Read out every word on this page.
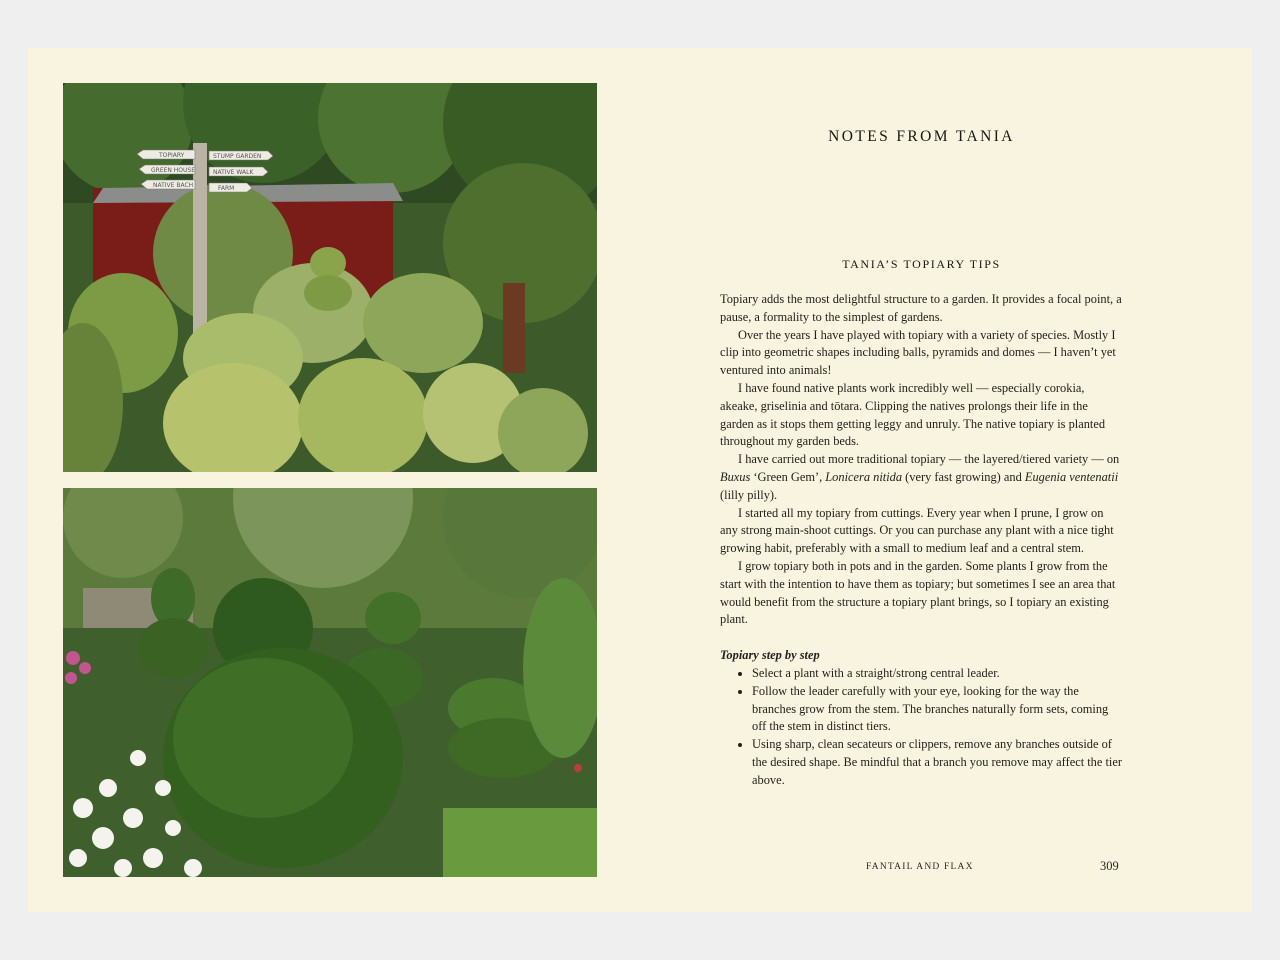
TOPIARY	STUMP GARDEN
GREEN HOUSE	NATIVE WALK
NATIVE BACH	FARM
NOTES FROM TANIA
TANIA’S TOPIARY TIPS

Topiary adds the most delightful structure to a garden. It provides a focal point, a pause, a formality to the simplest of gardens.

Over the years I have played with topiary with a variety of species. Mostly I clip into geometric shapes including balls, pyramids and domes — I haven’t yet ventured into animals!

I have found native plants work incredibly well — especially corokia, akeake, griselinia and tōtara. Clipping the natives prolongs their life in the garden as it stops them getting leggy and unruly. The native topiary is planted throughout my garden beds.

I have carried out more traditional topiary — the layered/tiered variety — on Buxus ‘Green Gem’, Lonicera nitida (very fast growing) and Eugenia ventenatii (lilly pilly).

I started all my topiary from cuttings. Every year when I prune, I grow on any strong main-shoot cuttings. Or you can purchase any plant with a nice tight growing habit, preferably with a small to medium leaf and a central stem.

I grow topiary both in pots and in the garden. Some plants I grow from the start with the intention to have them as topiary; but sometimes I see an area that would benefit from the structure a topiary plant brings, so I topiary an existing plant.

Topiary step by step

• Select a plant with a straight/strong central leader.
• Follow the leader carefully with your eye, looking for the way the branches grow from the stem. The branches naturally form sets, coming off the stem in distinct tiers.
• Using sharp, clean secateurs or clippers, remove any branches outside of the desired shape. Be mindful that a branch you remove may affect the tier above.
FANTAIL AND FLAX	309
